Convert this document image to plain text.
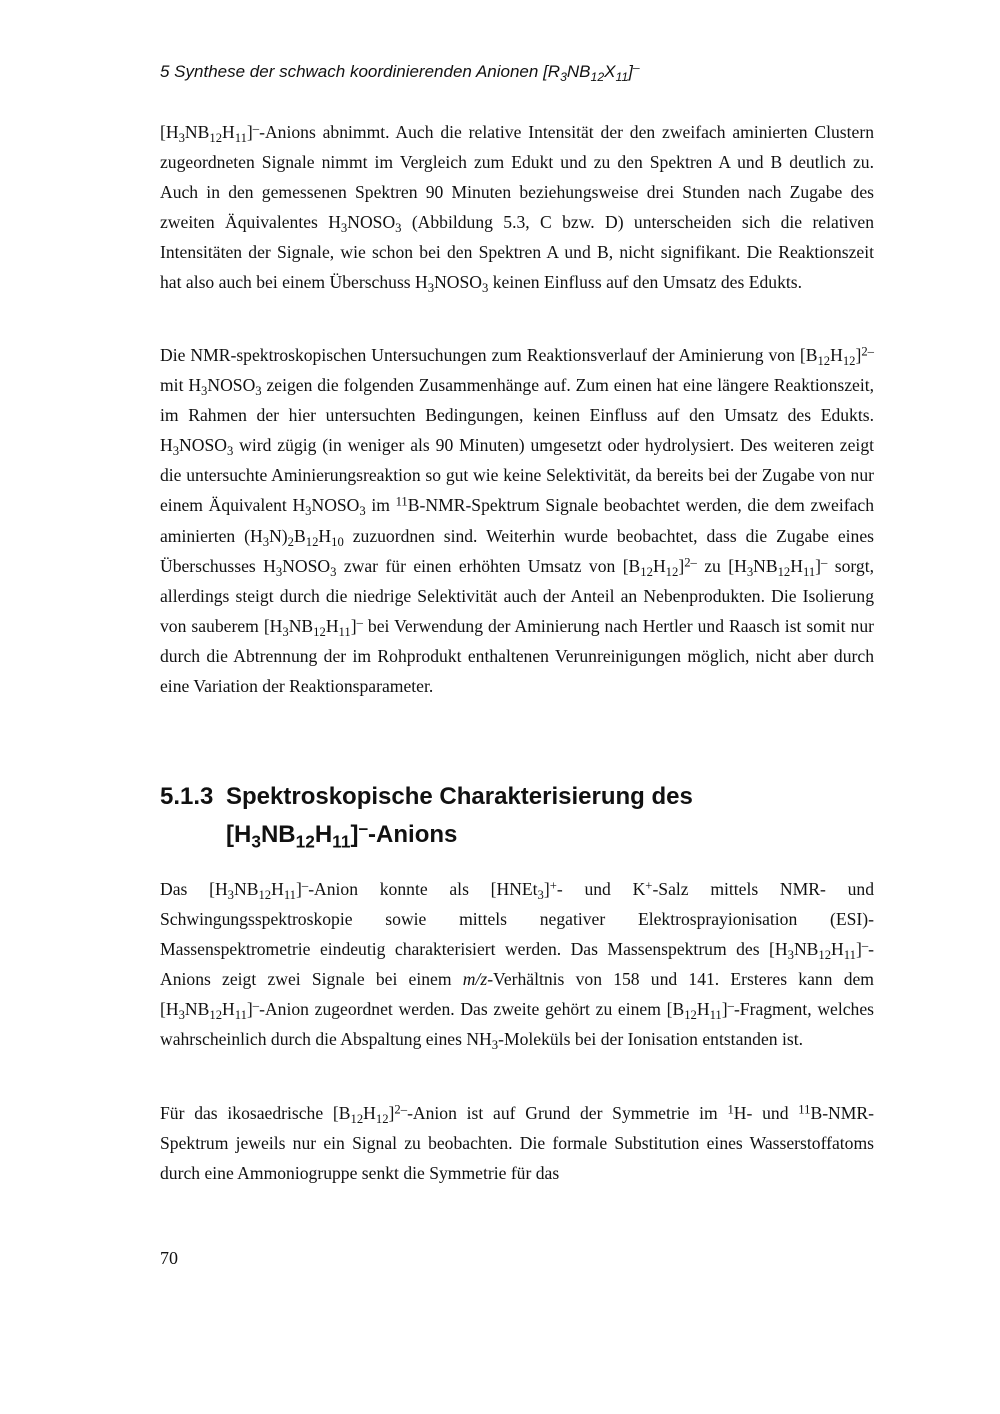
5 Synthese der schwach koordinierenden Anionen $[R_3NB_{12}X_{11}]^-$

$[H_3NB_{12}H_{11}]^-$-Anions abnimmt. Auch die relative Intensität der den zweifach aminierten Clustern zugeordneten Signale nimmt im Vergleich zum Edukt und zu den Spektren A und B deutlich zu. Auch in den gemessenen Spektren 90 Minuten beziehungsweise drei Stunden nach Zugabe des zweiten Äquivalentes $H_3NOSO_3$ (Abbildung 5.3, C bzw. D) unterscheiden sich die relativen Intensitäten der Signale, wie schon bei den Spektren A und B, nicht signifikant. Die Reaktionszeit hat also auch bei einem Überschuss $H_3NOSO_3$ keinen Einfluss auf den Umsatz des Edukts.

Die NMR-spektroskopischen Untersuchungen zum Reaktionsverlauf der Aminierung von $[B_{12}H_{12}]^{2-}$ mit $H_3NOSO_3$ zeigen die folgenden Zusammenhänge auf. Zum einen hat eine längere Reaktionszeit, im Rahmen der hier untersuchten Bedingungen, keinen Einfluss auf den Umsatz des Edukts. $H_3NOSO_3$ wird zügig (in weniger als 90 Minuten) umgesetzt oder hydrolysiert. Des weiteren zeigt die untersuchte Aminierungsreaktion so gut wie keine Selektivität, da bereits bei der Zugabe von nur einem Äquivalent $H_3NOSO_3$ im $^{11}$B-NMR-Spektrum Signale beobachtet werden, die dem zweifach aminierten $(H_3N)_2B_{12}H_{10}$ zuzuordnen sind. Weiterhin wurde beobachtet, dass die Zugabe eines Überschusses $H_3NOSO_3$ zwar für einen erhöhten Umsatz von $[B_{12}H_{12}]^{2-}$ zu $[H_3NB_{12}H_{11}]^-$ sorgt, allerdings steigt durch die niedrige Selektivität auch der Anteil an Nebenprodukten. Die Isolierung von sauberem $[H_3NB_{12}H_{11}]^-$ bei Verwendung der Aminierung nach Hertler und Raasch ist somit nur durch die Abtrennung der im Rohprodukt enthaltenen Verunreinigungen möglich, nicht aber durch eine Variation der Reaktionsparameter.

5.1.3 Spektroskopische Charakterisierung des
$[H_3NB_{12}H_{11}]^-$-Anions

Das $[H_3NB_{12}H_{11}]^-$-Anion konnte als [HNEt$_3$]+- und K+-Salz mittels NMR- und Schwingungsspektroskopie sowie mittels negativer Elektrosprayionisation (ESI)-Massenspektrometrie eindeutig charakterisiert werden. Das Massenspektrum des $[H_3NB_{12}H_{11}]^-$-Anions zeigt zwei Signale bei einem m/z-Verhältnis von 158 und 141. Ersteres kann dem $[H_3NB_{12}H_{11}]^-$-Anion zugeordnet werden. Das zweite gehört zu einem $[B_{12}H_{11}]^-$-Fragment, welches wahrscheinlich durch die Abspaltung eines $NH_3$-Moleküls bei der Ionisation entstanden ist.

Für das ikosaedrische $[B_{12}H_{12}]^{2-}$-Anion ist auf Grund der Symmetrie im $^1$H- und $^{11}$B-NMR-Spektrum jeweils nur ein Signal zu beobachten. Die formale Substitution eines Wasserstoffatoms durch eine Ammoniogruppe senkt die Symmetrie für das

70
